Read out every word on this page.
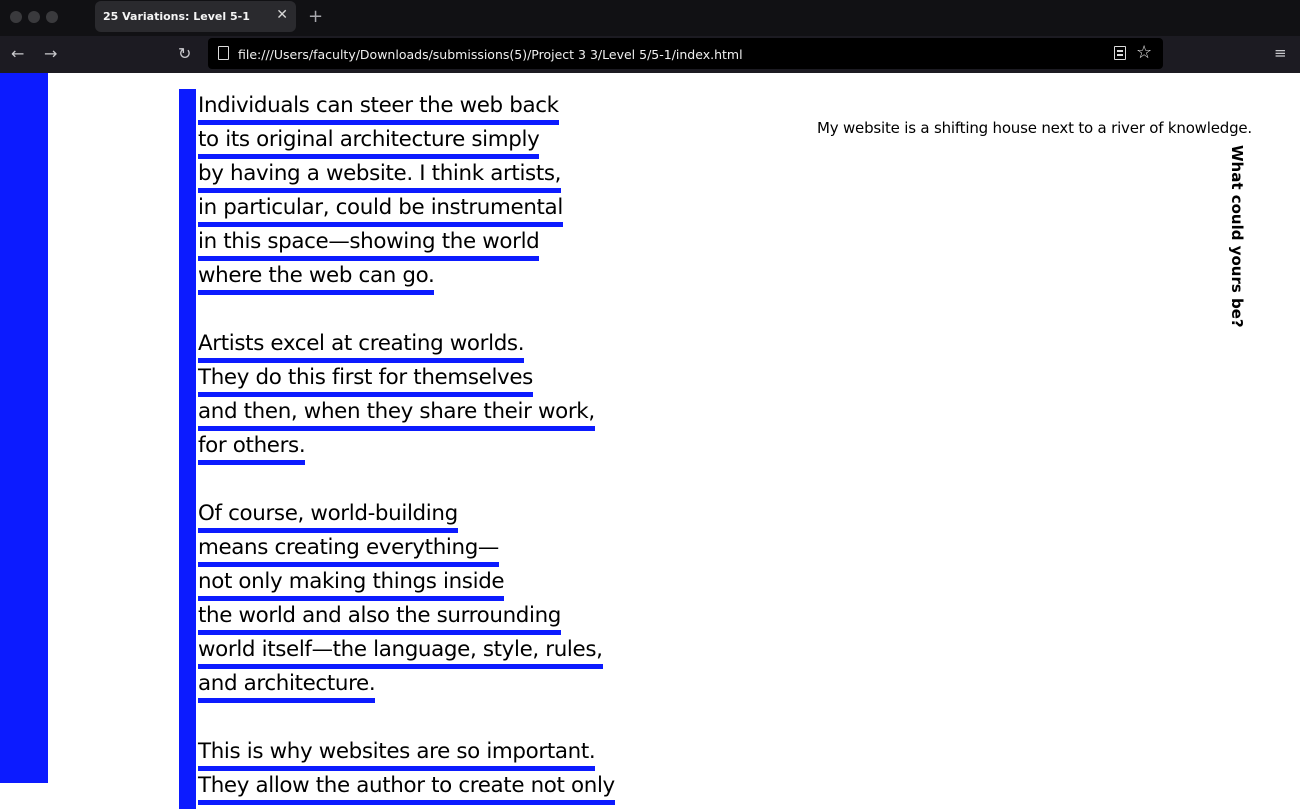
25 Variations: Level 5-1 ✕ +
← →	↻	file:///Users/faculty/Downloads/submissions(5)/Project 3 3/Level 5/5-1/index.html	☆	≡
Individuals can steer the web back
to its original architecture simply
by having a website. I think artists,
in particular, could be instrumental
in this space—showing the world
where the web can go.
Artists excel at creating worlds.
They do this first for themselves
and then, when they share their work,
for others.
Of course, world-building
means creating everything—
not only making things inside
the world and also the surrounding
world itself—the language, style, rules,
and architecture.
This is why websites are so important.
They allow the author to create not only
My website is a shifting house next to a river of knowledge.
What could yours be?
